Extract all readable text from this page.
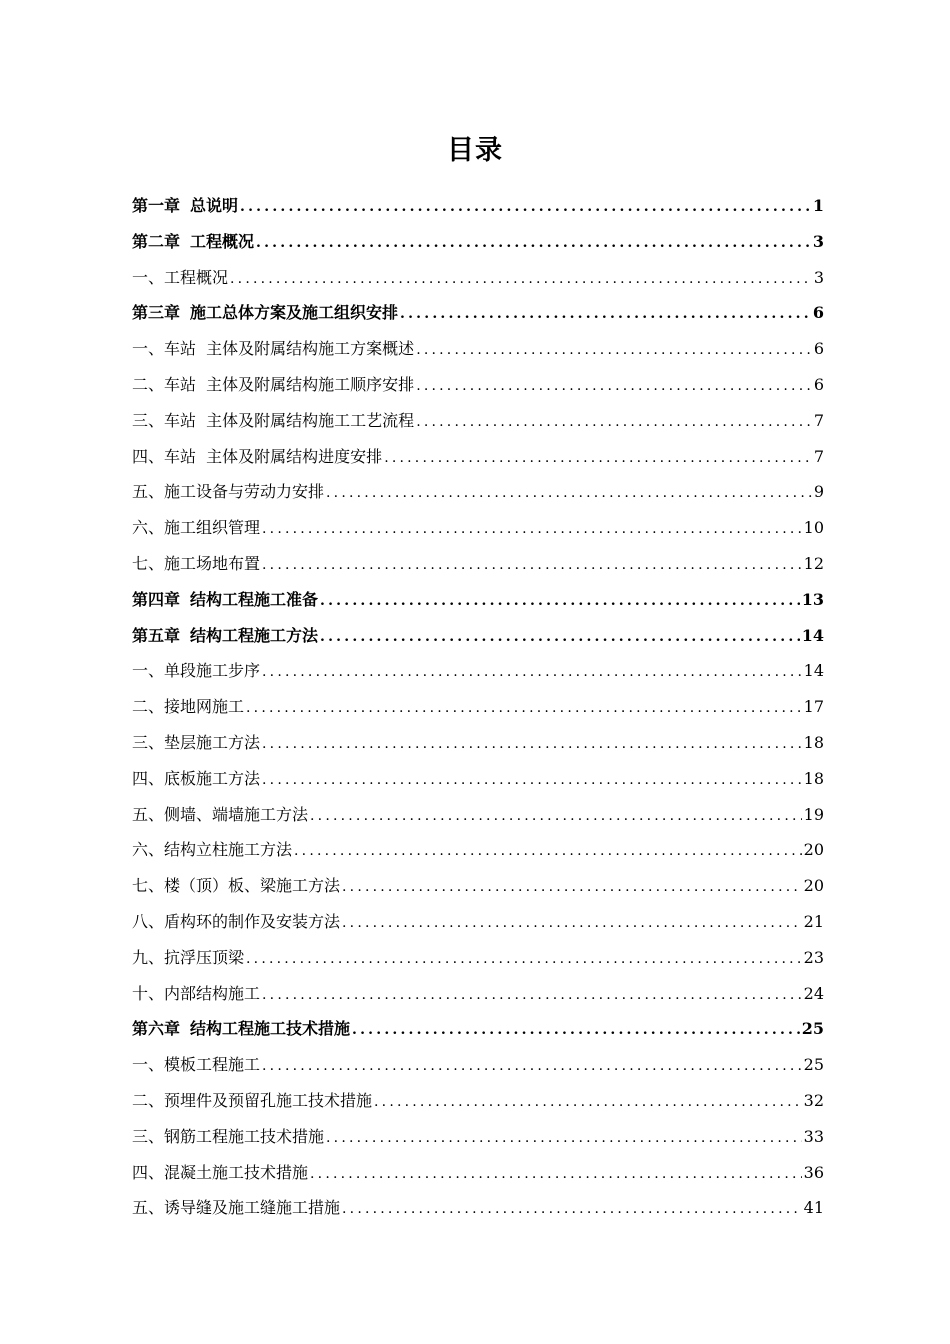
目录
第一章 总说明 .....	1
第二章 工程概况 .....	3
一、工程概况 .....	3
第三章 施工总体方案及施工组织安排 .....	6
一、车站  主体及附属结构施工方案概述 .....	6
二、车站  主体及附属结构施工顺序安排 .....	6
三、车站  主体及附属结构施工工艺流程 .....	7
四、车站  主体及附属结构进度安排 .....	7
五、施工设备与劳动力安排 .....	9
六、施工组织管理 .....	10
七、施工场地布置 .....	12
第四章 结构工程施工准备 .....	13
第五章 结构工程施工方法 .....	14
一、单段施工步序 .....	14
二、接地网施工 .....	17
三、垫层施工方法 .....	18
四、底板施工方法 .....	18
五、侧墙、端墙施工方法 .....	19
六、结构立柱施工方法 .....	20
七、楼（顶）板、梁施工方法 .....	20
八、盾构环的制作及安装方法 .....	21
九、抗浮压顶梁 .....	23
十、内部结构施工 .....	24
第六章 结构工程施工技术措施 .....	25
一、模板工程施工 .....	25
二、预埋件及预留孔施工技术措施 .....	32
三、钢筋工程施工技术措施 .....	33
四、混凝土施工技术措施 .....	36
五、诱导缝及施工缝施工措施 .....	41
